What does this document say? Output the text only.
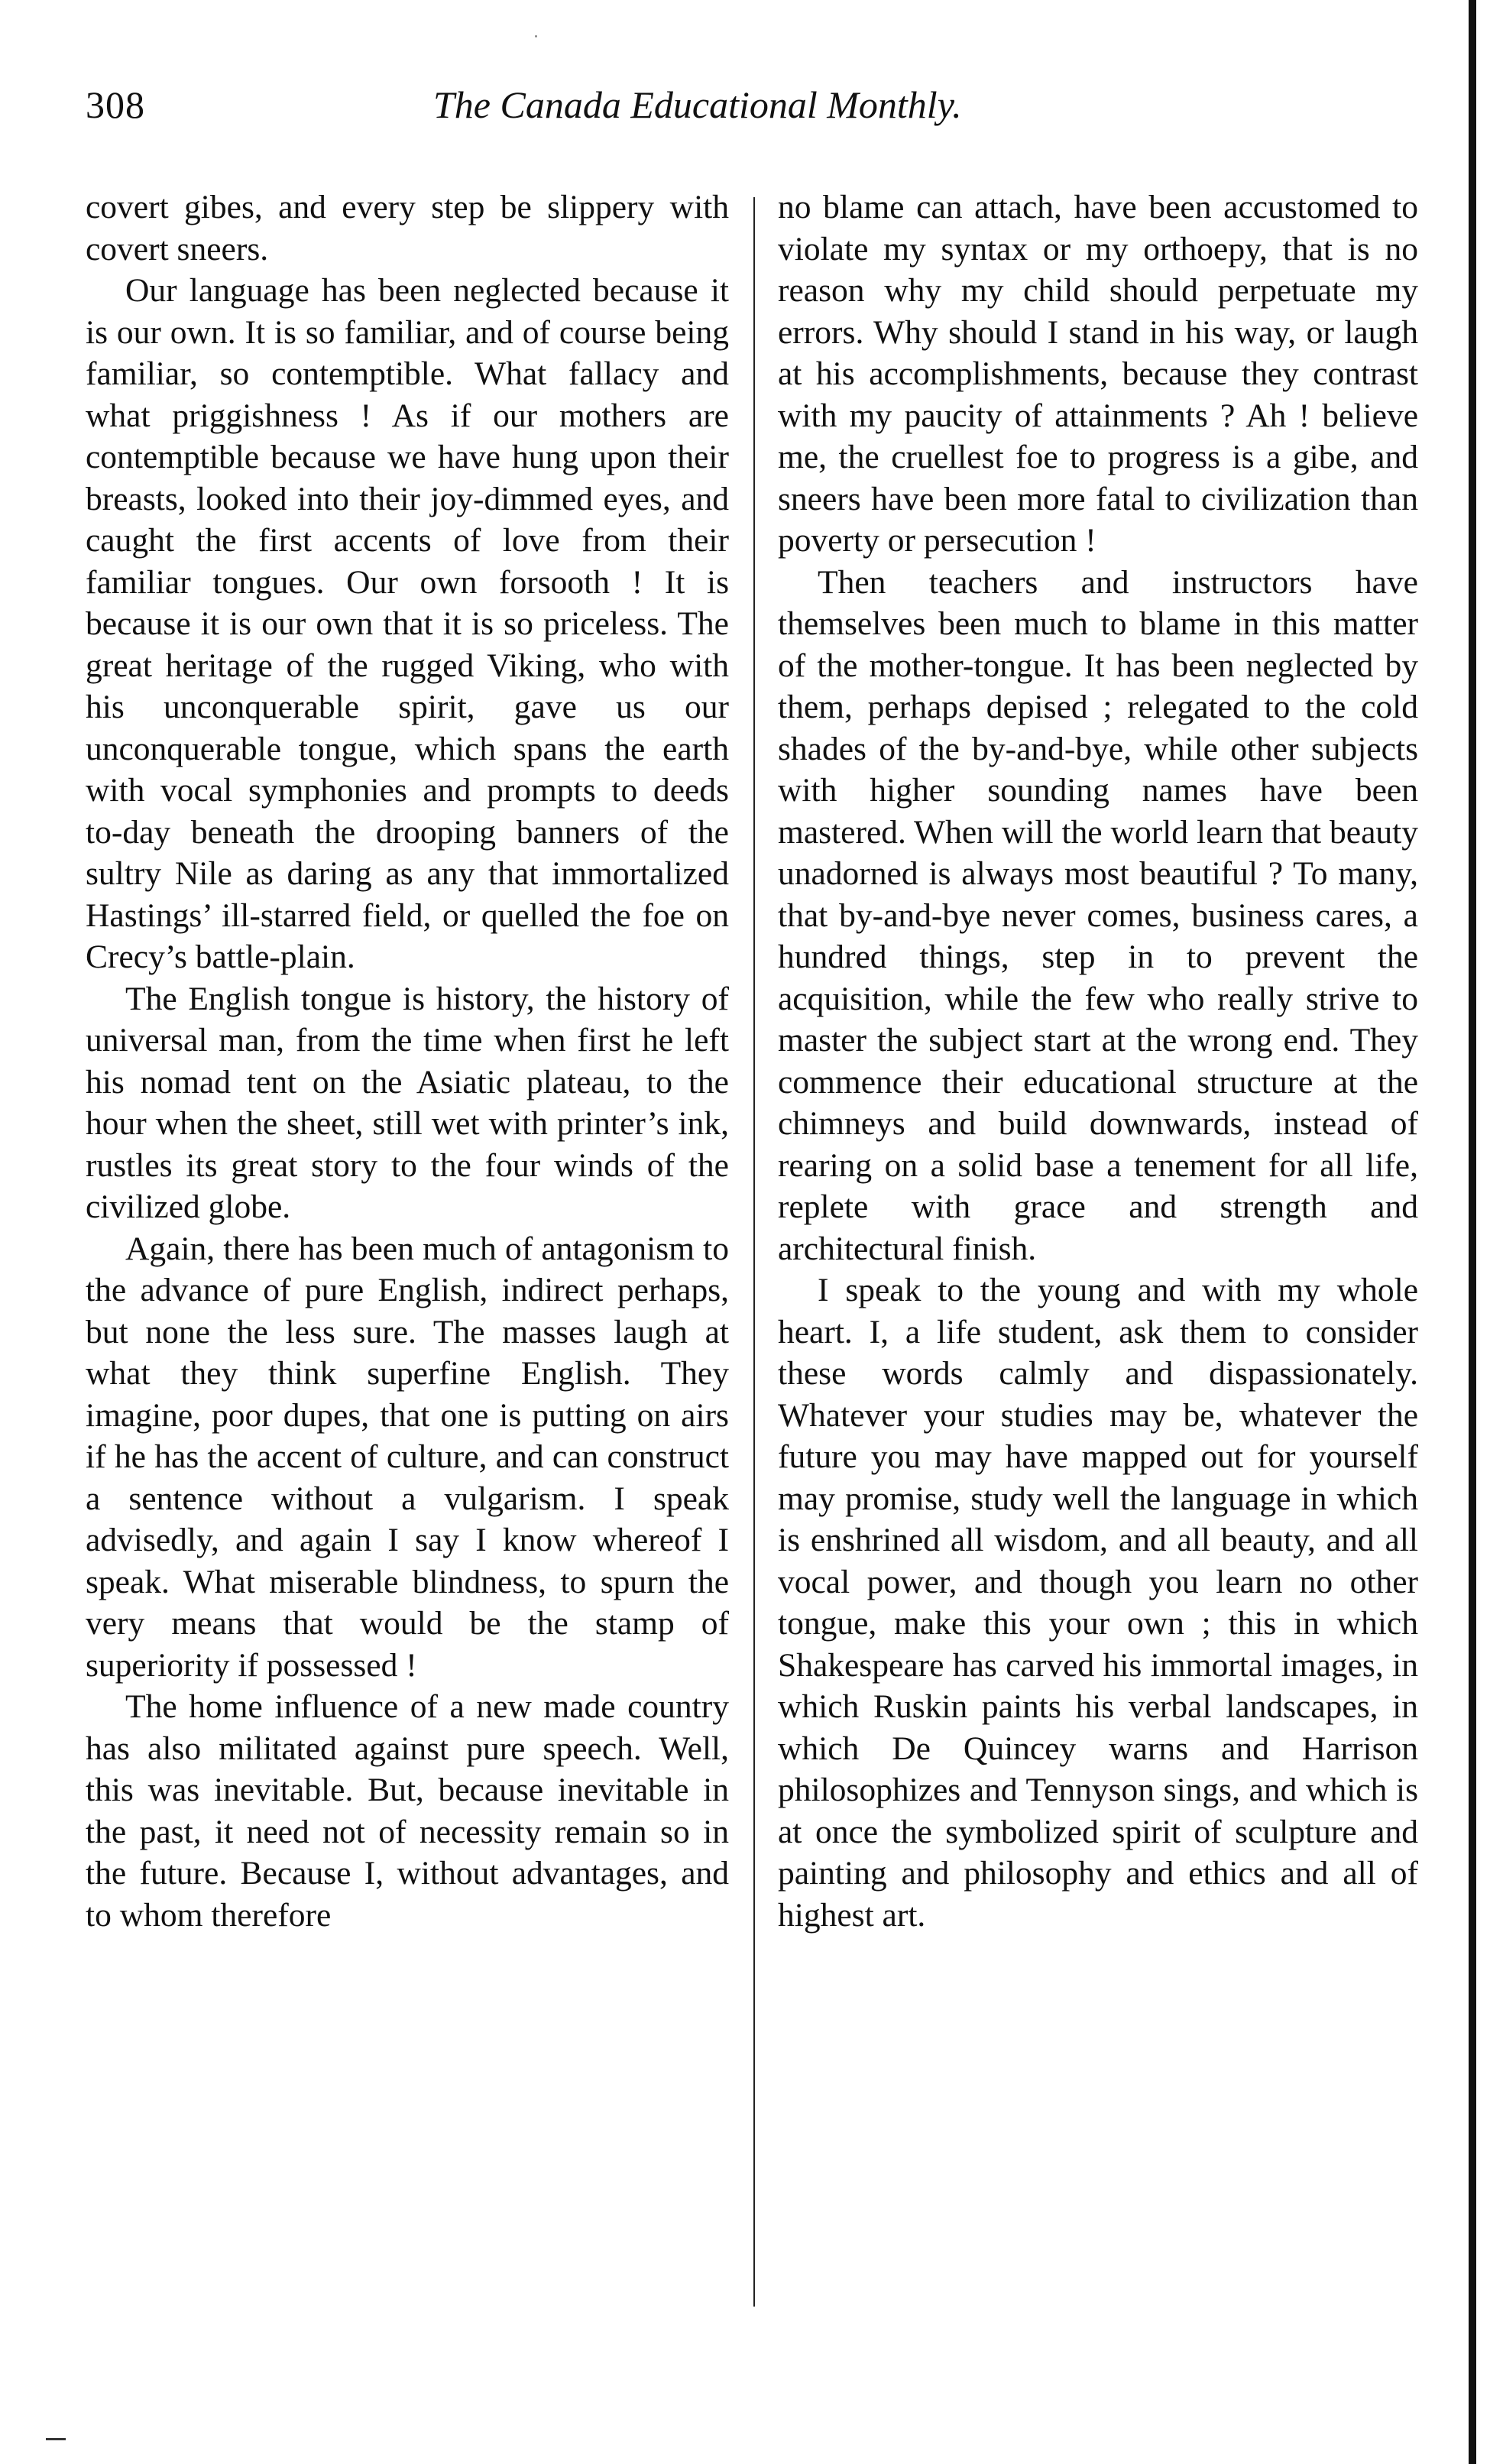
308	The Canada Educational Monthly.

covert gibes, and every step be slippery with covert sneers.

Our language has been neglected because it is our own. It is so familiar, and of course being familiar, so contemptible. What fallacy and what priggishness ! As if our mothers are contemptible because we have hung upon their breasts, looked into their joy-dimmed eyes, and caught the first accents of love from their familiar tongues. Our own forsooth ! It is because it is our own that it is so priceless. The great heritage of the rugged Viking, who with his unconquerable spirit, gave us our unconquerable tongue, which spans the earth with vocal symphonies and prompts to deeds to-day beneath the drooping banners of the sultry Nile as daring as any that immortalized Hastings’ ill-starred field, or quelled the foe on Crecy’s battle-plain.

The English tongue is history, the history of universal man, from the time when first he left his nomad tent on the Asiatic plateau, to the hour when the sheet, still wet with printer’s ink, rustles its great story to the four winds of the civilized globe.

Again, there has been much of antagonism to the advance of pure English, indirect perhaps, but none the less sure. The masses laugh at what they think superfine English. They imagine, poor dupes, that one is putting on airs if he has the accent of culture, and can construct a sentence without a vulgarism. I speak advisedly, and again I say I know whereof I speak. What miserable blindness, to spurn the very means that would be the stamp of superiority if possessed !

The home influence of a new made country has also militated against pure speech. Well, this was inevitable. But, because inevitable in the past, it need not of necessity remain so in the future. Because I, without advantages, and to whom therefore

no blame can attach, have been accustomed to violate my syntax or my orthoepy, that is no reason why my child should perpetuate my errors. Why should I stand in his way, or laugh at his accomplishments, because they contrast with my paucity of attainments ? Ah ! believe me, the cruellest foe to progress is a gibe, and sneers have been more fatal to civilization than poverty or persecution !

Then teachers and instructors have themselves been much to blame in this matter of the mother-tongue. It has been neglected by them, perhaps depised ; relegated to the cold shades of the by-and-bye, while other subjects with higher sounding names have been mastered. When will the world learn that beauty unadorned is always most beautiful ? To many, that by-and-bye never comes, business cares, a hundred things, step in to prevent the acquisition, while the few who really strive to master the subject start at the wrong end. They commence their educational structure at the chimneys and build downwards, instead of rearing on a solid base a tenement for all life, replete with grace and strength and architectural finish.

I speak to the young and with my whole heart. I, a life student, ask them to consider these words calmly and dispassionately. Whatever your studies may be, whatever the future you may have mapped out for yourself may promise, study well the language in which is enshrined all wisdom, and all beauty, and all vocal power, and though you learn no other tongue, make this your own ; this in which Shakespeare has carved his immortal images, in which Ruskin paints his verbal landscapes, in which De Quincey warns and Harrison philosophizes and Tennyson sings, and which is at once the symbolized spirit of sculpture and painting and philosophy and ethics and all of highest art.
